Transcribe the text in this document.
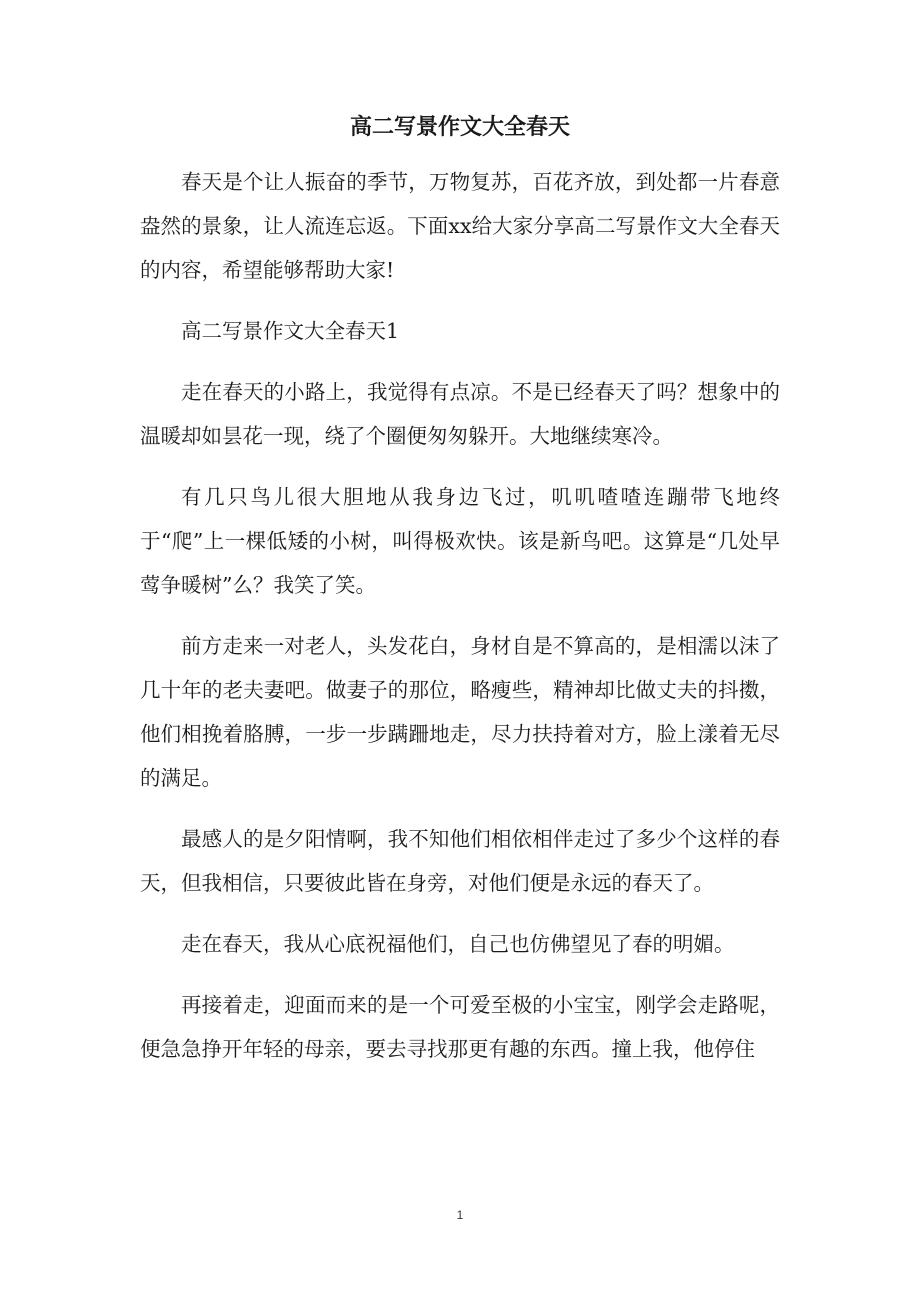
高二写景作文大全春天

春天是个让人振奋的季节，万物复苏，百花齐放，到处都一片春意盎然的景象，让人流连忘返。下面xx给大家分享高二写景作文大全春天的内容，希望能够帮助大家!

高二写景作文大全春天1

走在春天的小路上，我觉得有点凉。不是已经春天了吗？想象中的温暖却如昙花一现，绕了个圈便匆匆躲开。大地继续寒冷。

有几只鸟儿很大胆地从我身边飞过，叽叽喳喳连蹦带飞地终于“爬”上一棵低矮的小树，叫得极欢快。该是新鸟吧。这算是“几处早莺争暖树”么？我笑了笑。

前方走来一对老人，头发花白，身材自是不算高的，是相濡以沫了几十年的老夫妻吧。做妻子的那位，略瘦些，精神却比做丈夫的抖擞，他们相挽着胳膊，一步一步蹒跚地走，尽力扶持着对方，脸上漾着无尽的满足。

最感人的是夕阳情啊，我不知他们相依相伴走过了多少个这样的春天，但我相信，只要彼此皆在身旁，对他们便是永远的春天了。

走在春天，我从心底祝福他们，自己也仿佛望见了春的明媚。

再接着走，迎面而来的是一个可爱至极的小宝宝，刚学会走路呢，便急急挣开年轻的母亲，要去寻找那更有趣的东西。撞上我，他停住

1
